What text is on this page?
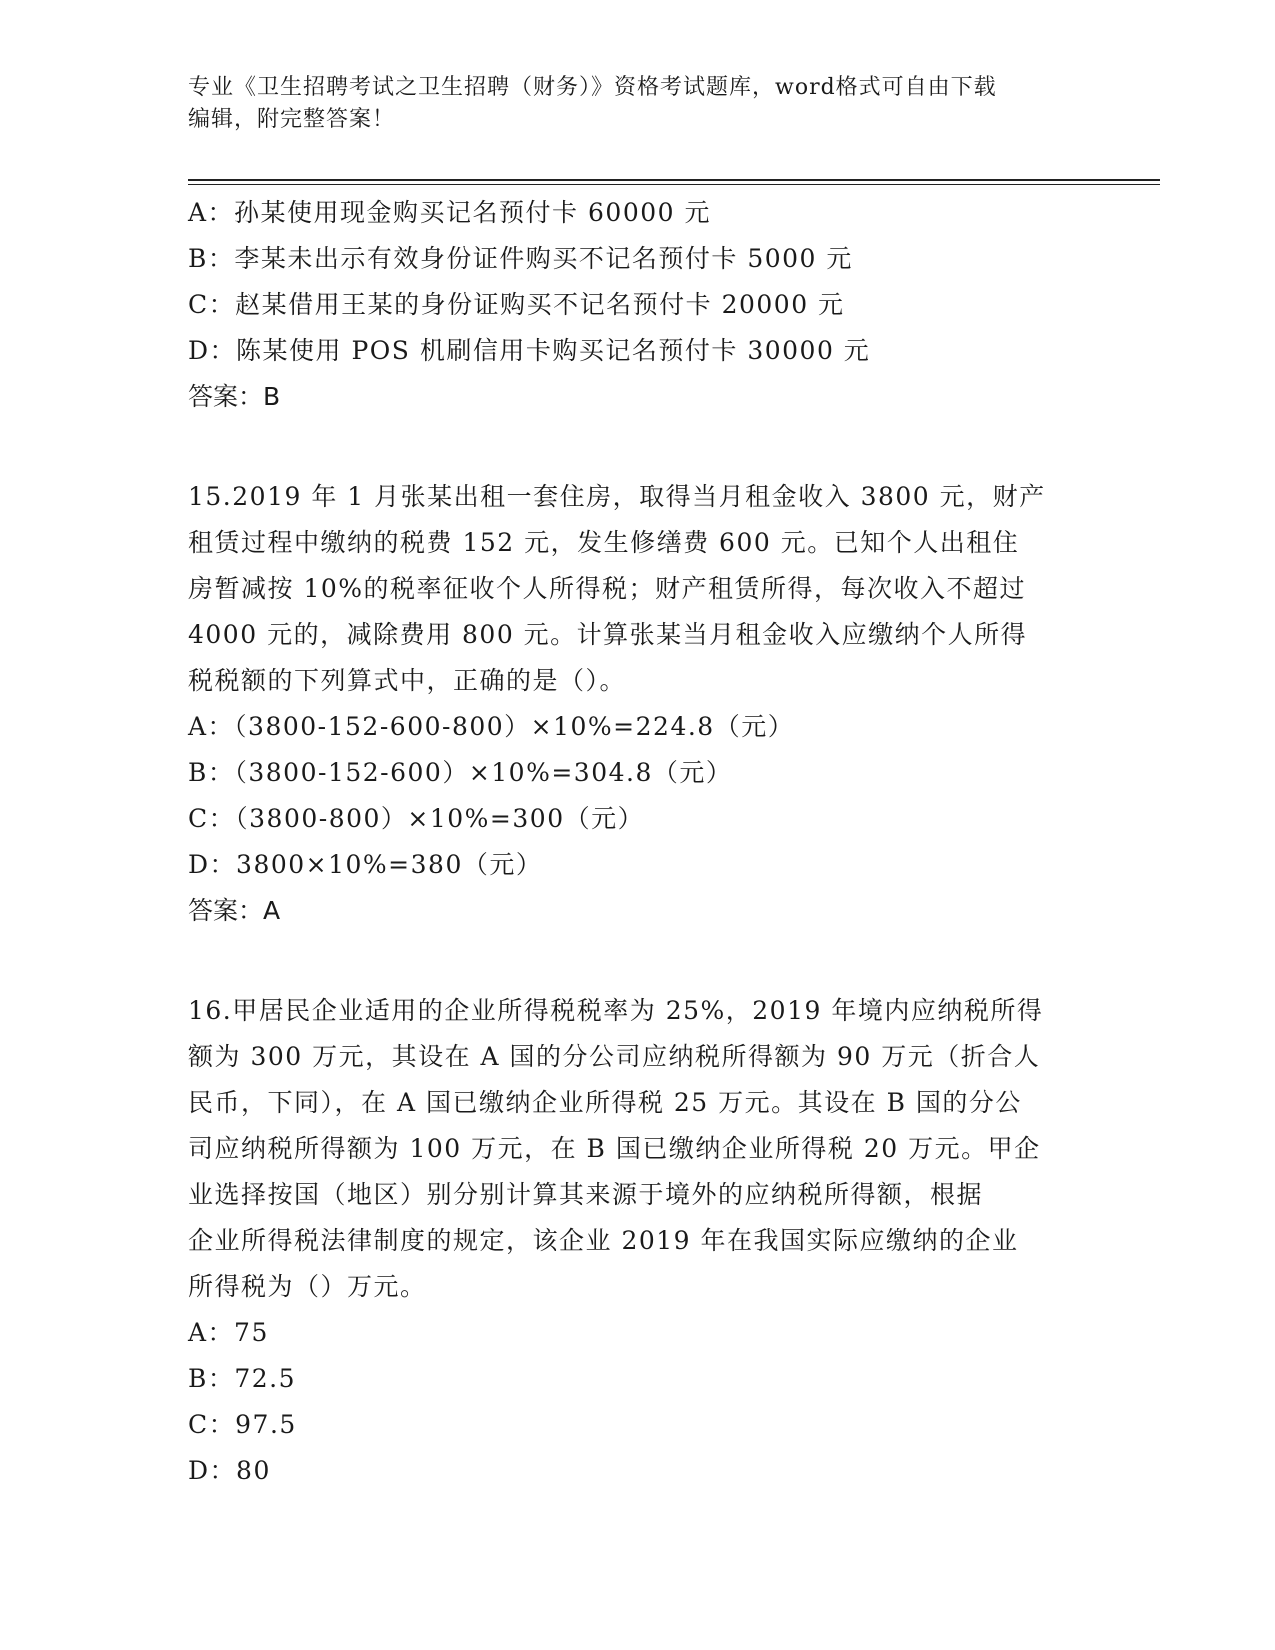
专业《卫生招聘考试之卫生招聘（财务）》资格考试题库，word格式可自由下载
编辑，附完整答案！
A：孙某使用现金购买记名预付卡 60000 元
B：李某未出示有效身份证件购买不记名预付卡 5000 元
C：赵某借用王某的身份证购买不记名预付卡 20000 元
D：陈某使用 POS 机刷信用卡购买记名预付卡 30000 元
答案：B
15.2019 年 1 月张某出租一套住房，取得当月租金收入 3800 元，财产
租赁过程中缴纳的税费 152 元，发生修缮费 600 元。已知个人出租住
房暂减按 10%的税率征收个人所得税；财产租赁所得，每次收入不超过
4000 元的，减除费用 800 元。计算张某当月租金收入应缴纳个人所得
税税额的下列算式中，正确的是（）。
A：（3800-152-600-800）×10%=224.8（元）
B：（3800-152-600）×10%=304.8（元）
C：（3800-800）×10%=300（元）
D：3800×10%=380（元）
答案：A
16.甲居民企业适用的企业所得税税率为 25%，2019 年境内应纳税所得
额为 300 万元，其设在 A 国的分公司应纳税所得额为 90 万元（折合人
民币，下同），在 A 国已缴纳企业所得税 25 万元。其设在 B 国的分公
司应纳税所得额为 100 万元，在 B 国已缴纳企业所得税 20 万元。甲企
业选择按国（地区）别分别计算其来源于境外的应纳税所得额，根据
企业所得税法律制度的规定，该企业 2019 年在我国实际应缴纳的企业
所得税为（）万元。
A：75
B：72.5
C：97.5
D：80
